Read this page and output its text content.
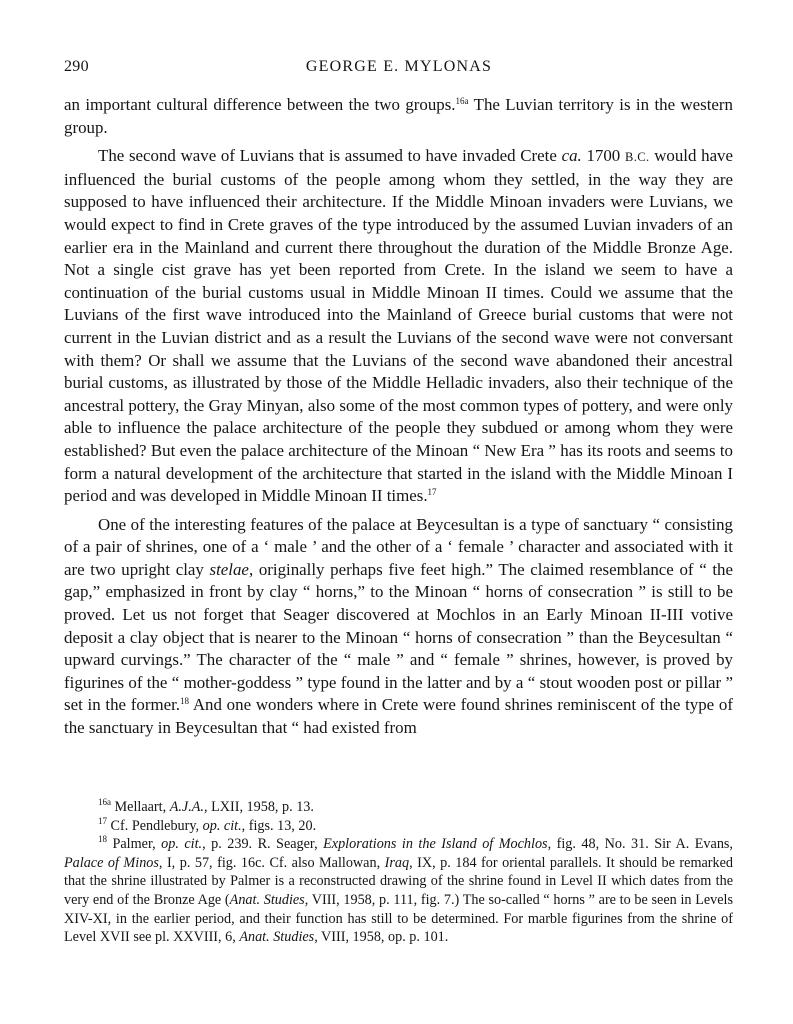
290	GEORGE E. MYLONAS

an important cultural difference between the two groups.$^{16a}$ The Luvian territory is in the western group.

The second wave of Luvians that is assumed to have invaded Crete ca. 1700 B.C. would have influenced the burial customs of the people among whom they settled, in the way they are supposed to have influenced their architecture. If the Middle Minoan invaders were Luvians, we would expect to find in Crete graves of the type introduced by the assumed Luvian invaders of an earlier era in the Mainland and current there throughout the duration of the Middle Bronze Age. Not a single cist grave has yet been reported from Crete. In the island we seem to have a continuation of the burial customs usual in Middle Minoan II times. Could we assume that the Luvians of the first wave introduced into the Mainland of Greece burial customs that were not current in the Luvian district and as a result the Luvians of the second wave were not conversant with them? Or shall we assume that the Luvians of the second wave abandoned their ancestral burial customs, as illustrated by those of the Middle Helladic invaders, also their technique of the ancestral pottery, the Gray Minyan, also some of the most common types of pottery, and were only able to influence the palace architecture of the people they subdued or among whom they were established? But even the palace architecture of the Minoan “ New Era ” has its roots and seems to form a natural development of the architecture that started in the island with the Middle Minoan I period and was developed in Middle Minoan II times.$^{17}$

One of the interesting features of the palace at Beycesultan is a type of sanctuary “ consisting of a pair of shrines, one of a ‘ male ’ and the other of a ‘ female ’ character and associated with it are two upright clay stelae, originally perhaps five feet high.” The claimed resemblance of “ the gap,” emphasized in front by clay “ horns,” to the Minoan “ horns of consecration ” is still to be proved. Let us not forget that Seager discovered at Mochlos in an Early Minoan II-III votive deposit a clay object that is nearer to the Minoan “ horns of consecration ” than the Beycesultan “ upward curvings.” The character of the “ male ” and “ female ” shrines, however, is proved by figurines of the “ mother-goddess ” type found in the latter and by a “ stout wooden post or pillar ” set in the former.$^{18}$ And one wonders where in Crete were found shrines reminiscent of the type of the sanctuary in Beycesultan that “ had existed from

$^{16a}$ Mellaart, A.J.A., LXII, 1958, p. 13.

$^{17}$ Cf. Pendlebury, op. cit., figs. 13, 20.

$^{18}$ Palmer, op. cit., p. 239. R. Seager, Explorations in the Island of Mochlos, fig. 48, No. 31. Sir A. Evans, Palace of Minos, I, p. 57, fig. 16c. Cf. also Mallowan, Iraq, IX, p. 184 for oriental parallels. It should be remarked that the shrine illustrated by Palmer is a reconstructed drawing of the shrine found in Level II which dates from the very end of the Bronze Age (Anat. Studies, VIII, 1958, p. 111, fig. 7.) The so-called “ horns ” are to be seen in Levels XIV-XI, in the earlier period, and their function has still to be determined. For marble figurines from the shrine of Level XVII see pl. XXVIII, 6, Anat. Studies, VIII, 1958, op. p. 101.
